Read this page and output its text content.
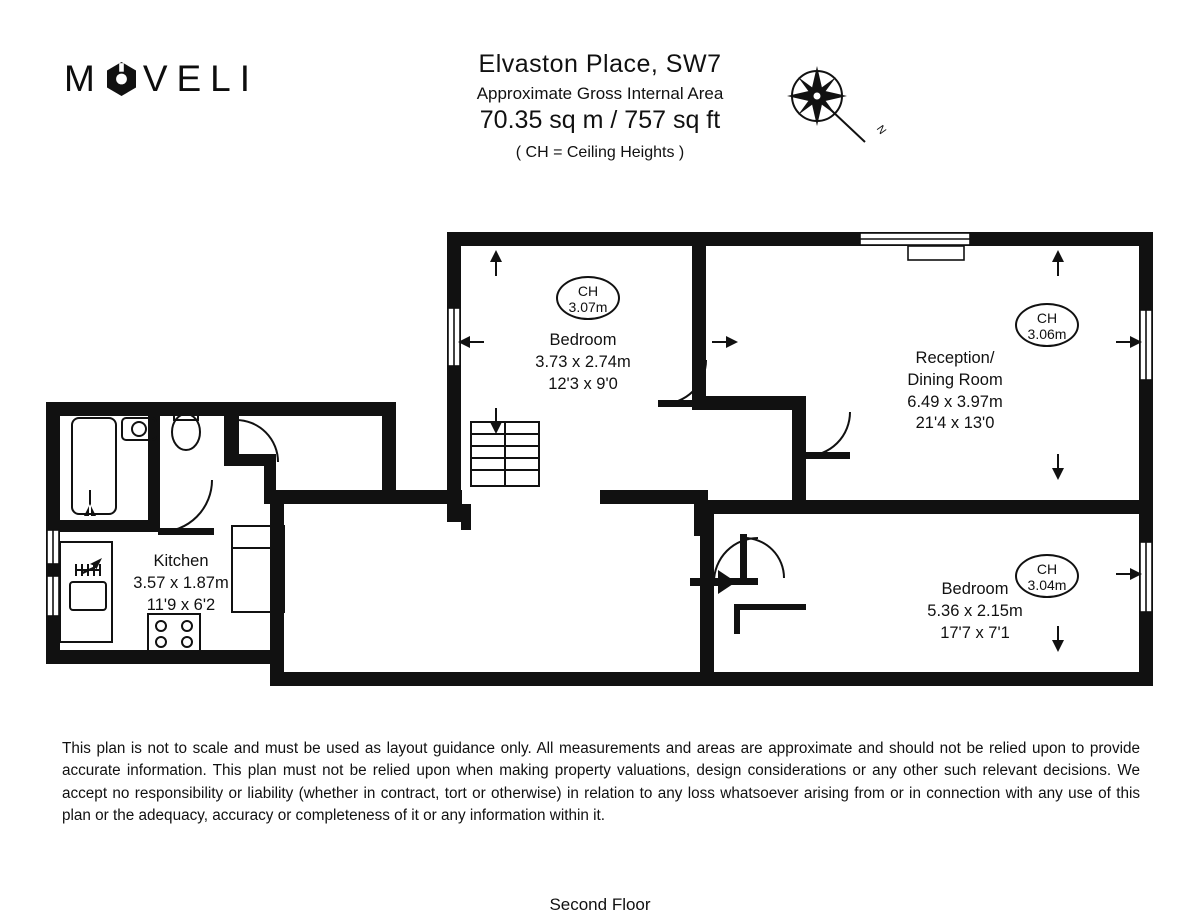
M VELI	Elvaston Place, SW7
Approximate Gross Internal Area
70.35 sq m / 757 sq ft
( CH = Ceiling Heights )
N
Bedroom
3.73 x 2.74m
12'3 x 9'0
Reception/
Dining Room
6.49 x 3.97m
21'4 x 13'0
Kitchen
3.57 x 1.87m
11'9 x 6'2
Bedroom
5.36 x 2.15m
17'7 x 7'1
CH
3.07m
CH
3.06m
CH
3.04m
Second Floor
This plan is not to scale and must be used as layout guidance only. All measurements and areas are approximate and should not be relied upon to provide accurate information. This plan must not be relied upon when making property valuations, design considerations or any other such relevant decisions. We accept no responsibility or liability (whether in contract, tort or otherwise) in relation to any loss whatsoever arising from or in connection with any use of this plan or the adequacy, accuracy or completeness of it or any information within it.
